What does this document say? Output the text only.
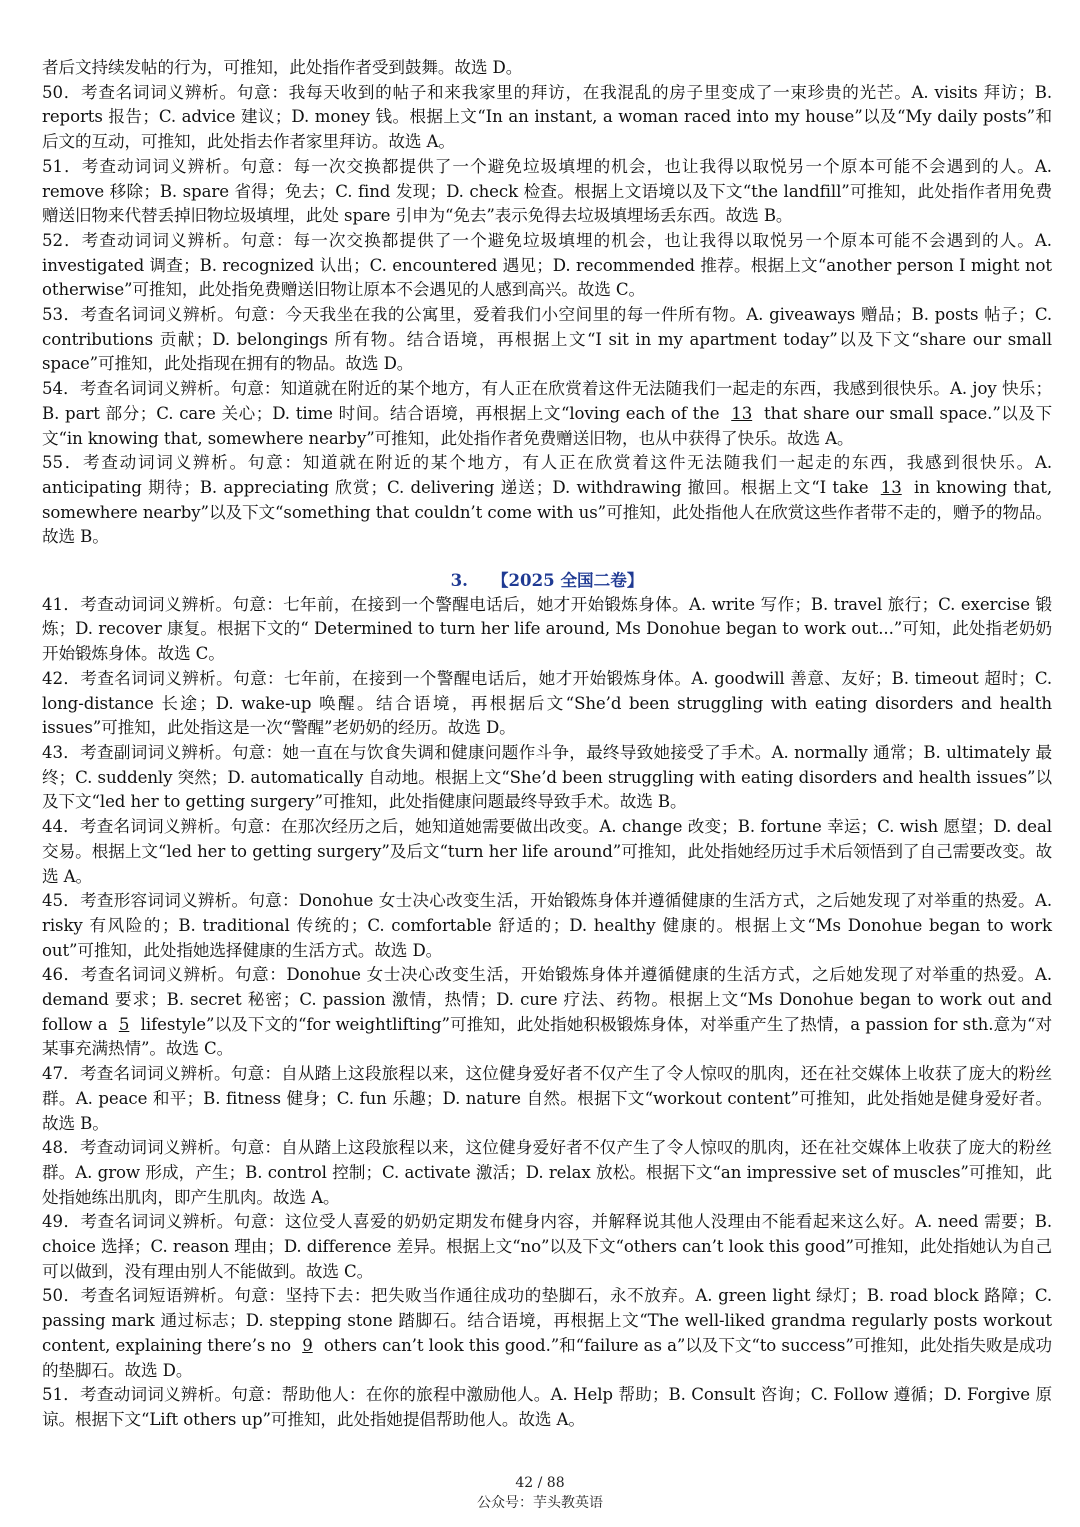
者后文持续发帖的行为，可推知，此处指作者受到鼓舞。故选 D。

50．考查名词词义辨析。句意：我每天收到的帖子和来我家里的拜访，在我混乱的房子里变成了一束珍贵的光芒。A. visits 拜访；B. reports 报告；C. advice 建议；D. money 钱。根据上文“In an instant, a woman raced into my house”以及“My daily posts”和后文的互动，可推知，此处指去作者家里拜访。故选 A。

51．考查动词词义辨析。句意：每一次交换都提供了一个避免垃圾填埋的机会，也让我得以取悦另一个原本可能不会遇到的人。A. remove 移除；B. spare 省得；免去；C. find 发现；D. check 检查。根据上文语境以及下文“the landfill”可推知，此处指作者用免费赠送旧物来代替丢掉旧物垃圾填埋，此处 spare 引申为“免去”表示免得去垃圾填埋场丢东西。故选 B。

52．考查动词词义辨析。句意：每一次交换都提供了一个避免垃圾填埋的机会，也让我得以取悦另一个原本可能不会遇到的人。A. investigated 调查；B. recognized 认出；C. encountered 遇见；D. recommended 推荐。根据上文“another person I might not otherwise”可推知，此处指免费赠送旧物让原本不会遇见的人感到高兴。故选 C。

53．考查名词词义辨析。句意：今天我坐在我的公寓里，爱着我们小空间里的每一件所有物。A. giveaways 赠品；B. posts 帖子；C. contributions 贡献；D. belongings 所有物。结合语境，再根据上文“I sit in my apartment today”以及下文“share our small space”可推知，此处指现在拥有的物品。故选 D。

54．考查名词词义辨析。句意：知道就在附近的某个地方，有人正在欣赏着这件无法随我们一起走的东西，我感到很快乐。A. joy 快乐；B. part 部分；C. care 关心；D. time 时间。结合语境，再根据上文“loving each of the 13 that share our small space.”以及下文“in knowing that, somewhere nearby”可推知，此处指作者免费赠送旧物，也从中获得了快乐。故选 A。

55．考查动词词义辨析。句意：知道就在附近的某个地方，有人正在欣赏着这件无法随我们一起走的东西，我感到很快乐。A. anticipating 期待；B. appreciating 欣赏；C. delivering 递送；D. withdrawing 撤回。根据上文“I take 13 in knowing that, somewhere nearby”以及下文“something that couldn’t come with us”可推知，此处指他人在欣赏这些作者带不走的，赠予的物品。故选 B。

3. 【2025 全国二卷】

41．考查动词词义辨析。句意：七年前，在接到一个警醒电话后，她才开始锻炼身体。A. write 写作；B. travel 旅行；C. exercise 锻炼；D. recover 康复。根据下文的“ Determined to turn her life around, Ms Donohue began to work out...”可知，此处指老奶奶开始锻炼身体。故选 C。

42．考查名词词义辨析。句意：七年前，在接到一个警醒电话后，她才开始锻炼身体。A. goodwill 善意、友好；B. timeout 超时；C. long-distance 长途；D. wake-up 唤醒。结合语境，再根据后文“She’d been struggling with eating disorders and health issues”可推知，此处指这是一次“警醒”老奶奶的经历。故选 D。

43．考查副词词义辨析。句意：她一直在与饮食失调和健康问题作斗争，最终导致她接受了手术。A. normally 通常；B. ultimately 最终；C. suddenly 突然；D. automatically 自动地。根据上文“She’d been struggling with eating disorders and health issues”以及下文“led her to getting surgery”可推知，此处指健康问题最终导致手术。故选 B。

44．考查名词词义辨析。句意：在那次经历之后，她知道她需要做出改变。A. change 改变；B. fortune 幸运；C. wish 愿望；D. deal 交易。根据上文“led her to getting surgery”及后文“turn her life around”可推知，此处指她经历过手术后领悟到了自己需要改变。故选 A。

45．考查形容词词义辨析。句意：Donohue 女士决心改变生活，开始锻炼身体并遵循健康的生活方式，之后她发现了对举重的热爱。A. risky 有风险的；B. traditional 传统的；C. comfortable 舒适的；D. healthy 健康的。根据上文“Ms Donohue began to work out”可推知，此处指她选择健康的生活方式。故选 D。

46．考查名词词义辨析。句意：Donohue 女士决心改变生活，开始锻炼身体并遵循健康的生活方式，之后她发现了对举重的热爱。A. demand 要求；B. secret 秘密；C. passion 激情，热情；D. cure 疗法、药物。根据上文“Ms Donohue began to work out and follow a 5 lifestyle”以及下文的“for weightlifting”可推知，此处指她积极锻炼身体，对举重产生了热情，a passion for sth.意为“对某事充满热情”。故选 C。

47．考查名词词义辨析。句意：自从踏上这段旅程以来，这位健身爱好者不仅产生了令人惊叹的肌肉，还在社交媒体上收获了庞大的粉丝群。A. peace 和平；B. fitness 健身；C. fun 乐趣；D. nature 自然。根据下文“workout content”可推知，此处指她是健身爱好者。故选 B。

48．考查动词词义辨析。句意：自从踏上这段旅程以来，这位健身爱好者不仅产生了令人惊叹的肌肉，还在社交媒体上收获了庞大的粉丝群。A. grow 形成，产生；B. control 控制；C. activate 激活；D. relax 放松。根据下文“an impressive set of muscles”可推知，此处指她练出肌肉，即产生肌肉。故选 A。

49．考查名词词义辨析。句意：这位受人喜爱的奶奶定期发布健身内容，并解释说其他人没理由不能看起来这么好。A. need 需要；B. choice 选择；C. reason 理由；D. difference 差异。根据上文“no”以及下文“others can’t look this good”可推知，此处指她认为自己可以做到，没有理由别人不能做到。故选 C。

50．考查名词短语辨析。句意：坚持下去：把失败当作通往成功的垫脚石，永不放弃。A. green light 绿灯；B. road block 路障；C. passing mark 通过标志；D. stepping stone 踏脚石。结合语境，再根据上文“The well-liked grandma regularly posts workout content, explaining there’s no 9 others can’t look this good.”和“failure as a”以及下文“to success”可推知，此处指失败是成功的垫脚石。故选 D。

51．考查动词词义辨析。句意：帮助他人：在你的旅程中激励他人。A. Help 帮助；B. Consult 咨询；C. Follow 遵循；D. Forgive 原谅。根据下文“Lift others up”可推知，此处指她提倡帮助他人。故选 A。

42 / 88
公众号：芋头教英语
